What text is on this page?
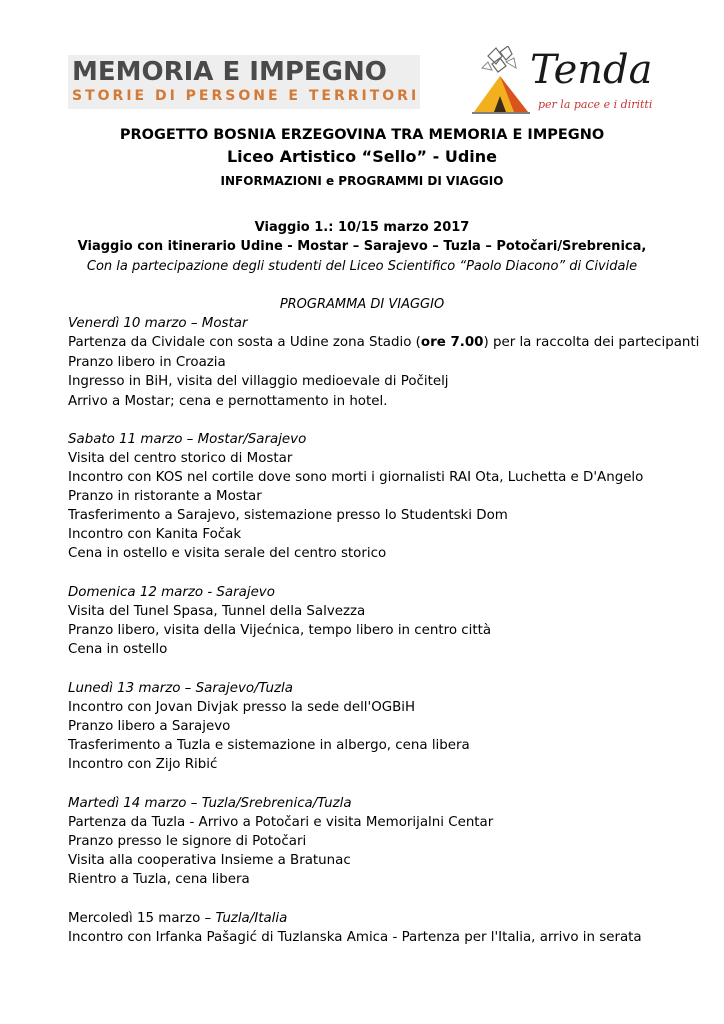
MEMORIA E IMPEGNO
STORIE DI PERSONE E TERRITORI
Tenda
per la pace e i diritti
PROGETTO BOSNIA ERZEGOVINA TRA MEMORIA E IMPEGNO
Liceo Artistico “Sello” - Udine
INFORMAZIONI e PROGRAMMI DI VIAGGIO
Viaggio 1.: 10/15 marzo 2017
Viaggio con itinerario Udine - Mostar – Sarajevo – Tuzla – Potočari/Srebrenica,
Con la partecipazione degli studenti del Liceo Scientifico “Paolo Diacono” di Cividale
PROGRAMMA DI VIAGGIO
Venerdì 10 marzo – Mostar
Partenza da Cividale con sosta a Udine zona Stadio (ore 7.00) per la raccolta dei partecipanti
Pranzo libero in Croazia
Ingresso in BiH, visita del villaggio medioevale di Počitelj
Arrivo a Mostar; cena e pernottamento in hotel.
Sabato 11 marzo – Mostar/Sarajevo
Visita del centro storico di Mostar
Incontro con KOS nel cortile dove sono morti i giornalisti RAI Ota, Luchetta e D'Angelo
Pranzo in ristorante a Mostar
Trasferimento a Sarajevo, sistemazione presso lo Studentski Dom
Incontro con Kanita Fočak
Cena in ostello e visita serale del centro storico
Domenica 12 marzo - Sarajevo
Visita del Tunel Spasa, Tunnel della Salvezza
Pranzo libero, visita della Vijećnica, tempo libero in centro città
Cena in ostello
Lunedì 13 marzo – Sarajevo/Tuzla
Incontro con Jovan Divjak presso la sede dell'OGBiH
Pranzo libero a Sarajevo
Trasferimento a Tuzla e sistemazione in albergo, cena libera
Incontro con Zijo Ribić
Martedì 14 marzo – Tuzla/Srebrenica/Tuzla
Partenza da Tuzla - Arrivo a Potočari e visita Memorijalni Centar
Pranzo presso le signore di Potočari
Visita alla cooperativa Insieme a Bratunac
Rientro a Tuzla, cena libera
Mercoledì 15 marzo – Tuzla/Italia
Incontro con Irfanka Pašagić di Tuzlanska Amica - Partenza per l'Italia, arrivo in serata
